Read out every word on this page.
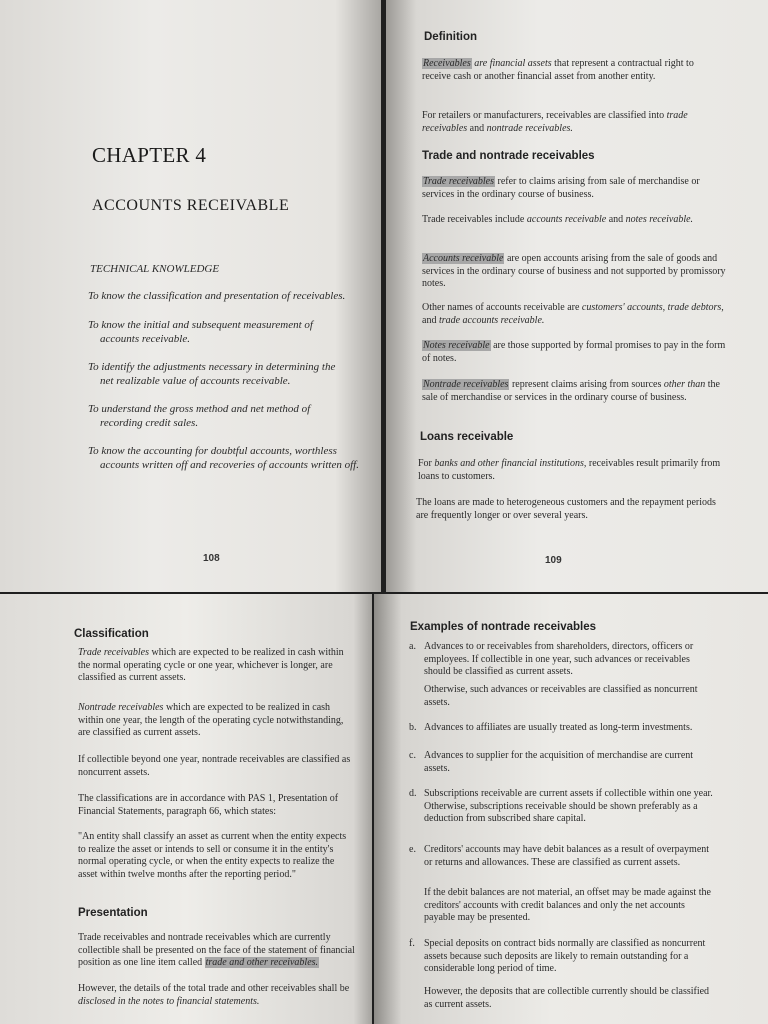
CHAPTER 4
ACCOUNTS RECEIVABLE
TECHNICAL KNOWLEDGE
To know the classification and presentation of receivables.
To know the initial and subsequent measurement of
accounts receivable.
To identify the adjustments necessary in determining the
net realizable value of accounts receivable.
To understand the gross method and net method of
recording credit sales.
To know the accounting for doubtful accounts, worthless
accounts written off and recoveries of accounts written off.
108
Definition

Receivables are financial assets that represent a contractual right to receive cash or another financial asset from another entity.

For retailers or manufacturers, receivables are classified into trade receivables and nontrade receivables.

Trade and nontrade receivables

Trade receivables refer to claims arising from sale of merchandise or services in the ordinary course of business.

Trade receivables include accounts receivable and notes receivable.

Accounts receivable are open accounts arising from the sale of goods and services in the ordinary course of business and not supported by promissory notes.

Other names of accounts receivable are customers' accounts, trade debtors, and trade accounts receivable.

Notes receivable are those supported by formal promises to pay in the form of notes.

Nontrade receivables represent claims arising from sources other than the sale of merchandise or services in the ordinary course of business.

Loans receivable

For banks and other financial institutions, receivables result primarily from loans to customers.

The loans are made to heterogeneous customers and the repayment periods are frequently longer or over several years.

109
Classification

Trade receivables which are expected to be realized in cash within the normal operating cycle or one year, whichever is longer, are classified as current assets.

Nontrade receivables which are expected to be realized in cash within one year, the length of the operating cycle notwithstanding, are classified as current assets.

If collectible beyond one year, nontrade receivables are classified as noncurrent assets.

The classifications are in accordance with PAS 1, Presentation of Financial Statements, paragraph 66, which states:

"An entity shall classify an asset as current when the entity expects to realize the asset or intends to sell or consume it in the entity's normal operating cycle, or when the entity expects to realize the asset within twelve months after the reporting period."

Presentation

Trade receivables and nontrade receivables which are currently collectible shall be presented on the face of the statement of financial position as one line item called trade and other receivables.

However, the details of the total trade and other receivables shall be disclosed in the notes to financial statements.

Examples of nontrade receivables
a. Advances to or receivables from shareholders, directors, officers or employees. If collectible in one year, such advances or receivables should be classified as current assets.
Otherwise, such advances or receivables are classified as noncurrent assets.
b. Advances to affiliates are usually treated as long-term investments.
c. Advances to supplier for the acquisition of merchandise are current assets.
d. Subscriptions receivable are current assets if collectible within one year. Otherwise, subscriptions receivable should be shown preferably as a deduction from subscribed share capital.
e. Creditors' accounts may have debit balances as a result of overpayment or returns and allowances. These are classified as current assets.
If the debit balances are not material, an offset may be made against the creditors' accounts with credit balances and only the net accounts payable may be presented.
f. Special deposits on contract bids normally are classified as noncurrent assets because such deposits are likely to remain outstanding for a considerable long period of time.
However, the deposits that are collectible currently should be classified as current assets.
